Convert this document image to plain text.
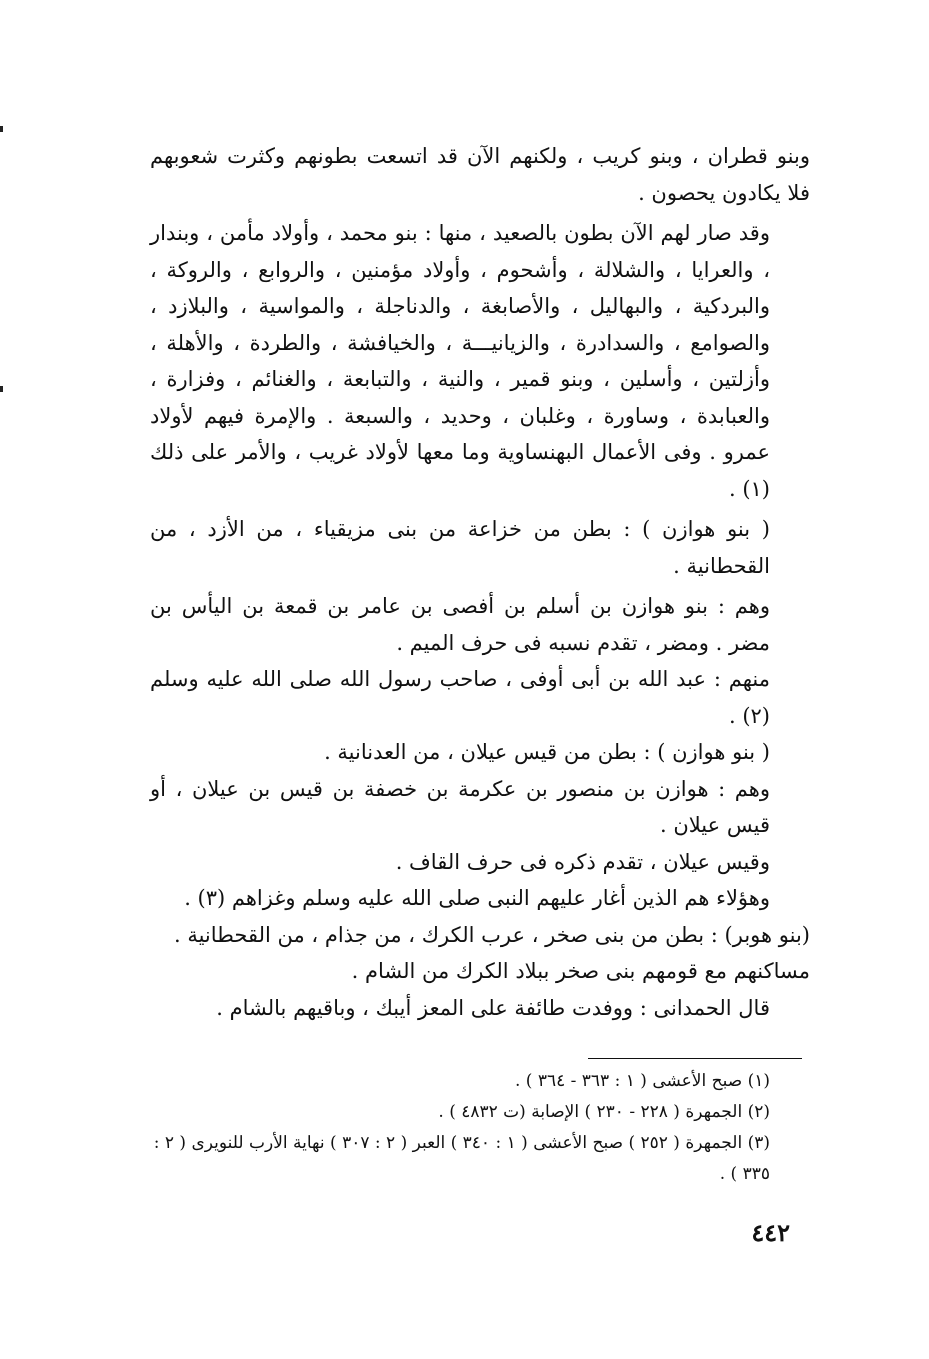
وبنو قطران ، وبنو كريب ، ولكنهم الآن قد اتسعت بطونهم وكثرت شعوبهم فلا يكادون يحصون .

وقد صار لهم الآن بطون بالصعيد ، منها : بنو محمد ، وأولاد مأمن ، وبندار ، والعرايا ، والشلالة ، وأشحوم ، وأولاد مؤمنين ، والروابع ، والروكة ، والبردكية ، والبهاليل ، والأصابغة ، والدناجلة ، والمواسية ، والبلازد ، والصوامع ، والسدادرة ، والزيانيـــة ، والخيافشة ، والطردة ، والأهلة ، وأزلتين ، وأسلين ، وبنو قمير ، والنية ، والتبابعة ، والغنائم ، وفزارة ، والعبابدة ، وساورة ، وغلبان ، وحديد ، والسبعة . والإمرة فيهم لأولاد عمرو . وفى الأعمال البهنساوية وما معها لأولاد غريب ، والأمر على ذلك (١) .

( بنو هوازن ) : بطن من خزاعة من بنى مزيقياء ، من الأزد ، من القحطانية .

وهم : بنو هوازن بن أسلم بن أفصى بن عامر بن قمعة بن اليأس بن مضر . ومضر ، تقدم نسبه فى حرف الميم .

منهم : عبد الله بن أبى أوفى ، صاحب رسول الله صلى الله عليه وسلم (٢) .

( بنو هوازن ) : بطن من قيس عيلان ، من العدنانية .

وهم : هوازن بن منصور بن عكرمة بن خصفة بن قيس بن عيلان ، أو قيس عيلان .

وقيس عيلان ، تقدم ذكره فى حرف القاف .

وهؤلاء هم الذين أغار عليهم النبى صلى الله عليه وسلم وغزاهم (٣) .

(بنو هوبر) : بطن من بنى صخر ، عرب الكرك ، من جذام ، من القحطانية .

مساكنهم مع قومهم بنى صخر ببلاد الكرك من الشام .

قال الحمدانى : ووفدت طائفة على المعز أيبك ، وباقيهم بالشام .

(١) صبح الأعشى ( ١ : ٣٦٣ - ٣٦٤ ) .

(٢) الجمهرة ( ٢٢٨ - ٢٣٠ ) الإصابة (ت ٤٨٣٢ ) .

(٣) الجمهرة ( ٢٥٢ ) صبح الأعشى ( ١ : ٣٤٠ ) العبر ( ٢ : ٣٠٧ ) نهاية الأرب للنويرى ( ٢ : ٣٣٥ ) .

٤٤٢
